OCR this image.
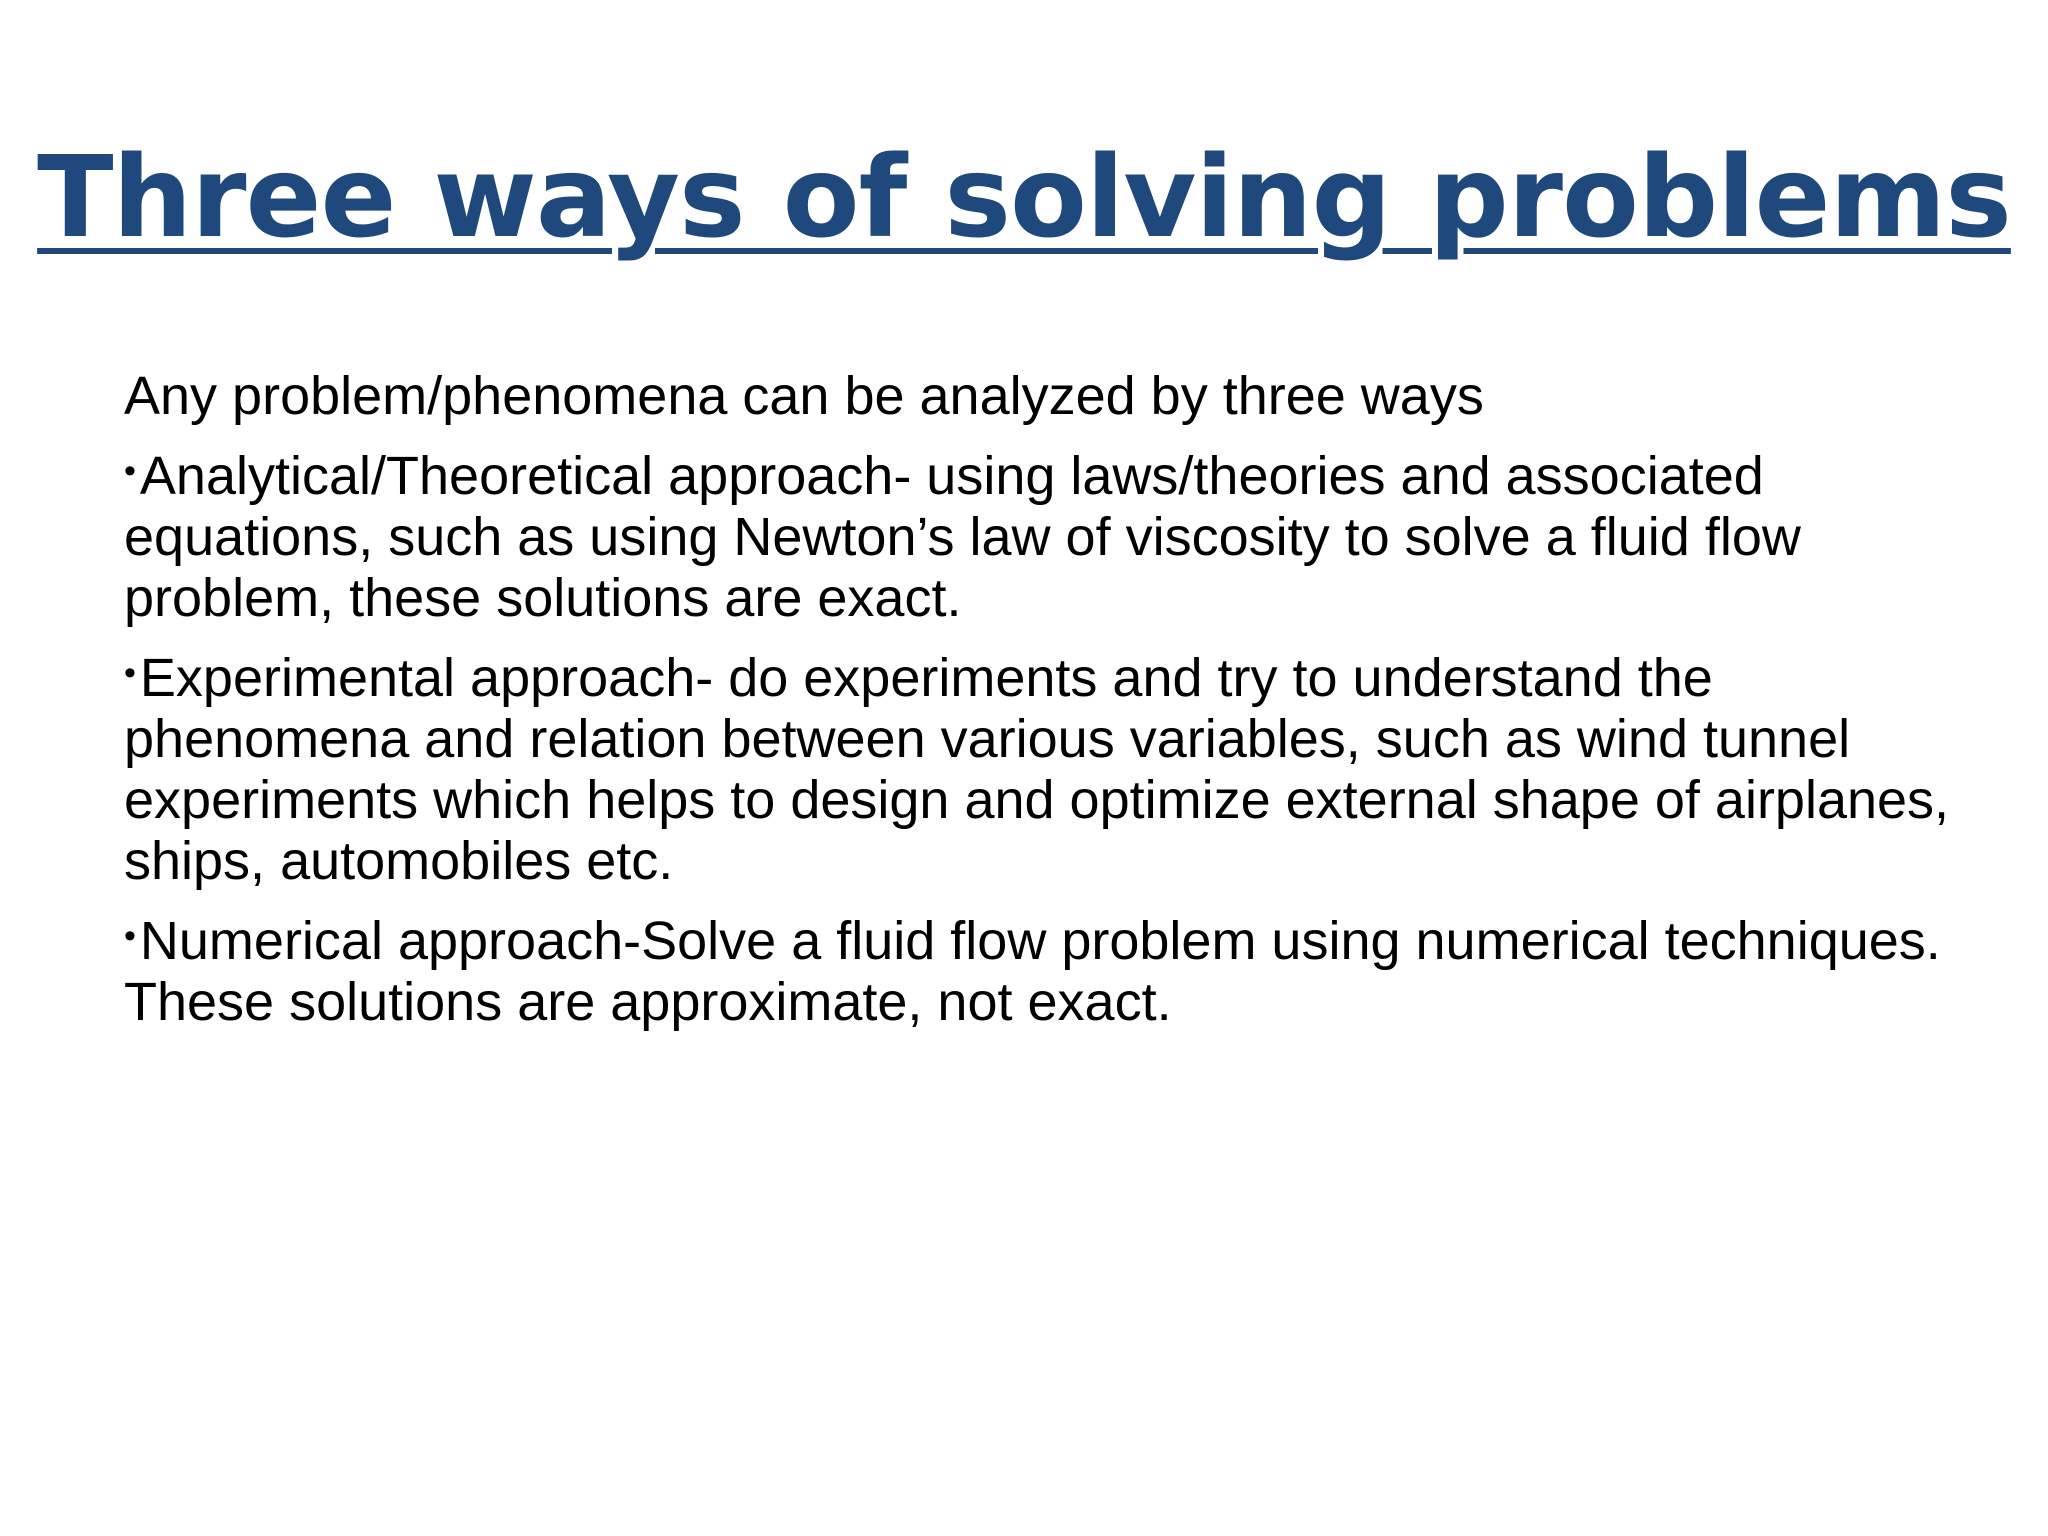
Three ways of solving problems

Any problem/phenomena can be analyzed by three ways

•Analytical/Theoretical approach- using laws/theories and associated equations, such as using Newton’s law of viscosity to solve a fluid flow problem, these solutions are exact.

•Experimental approach- do experiments and try to understand the phenomena and relation between various variables, such as wind tunnel experiments which helps to design and optimize external shape of airplanes, ships, automobiles etc.

•Numerical approach-Solve a fluid flow problem using numerical techniques. These solutions are approximate, not exact.
